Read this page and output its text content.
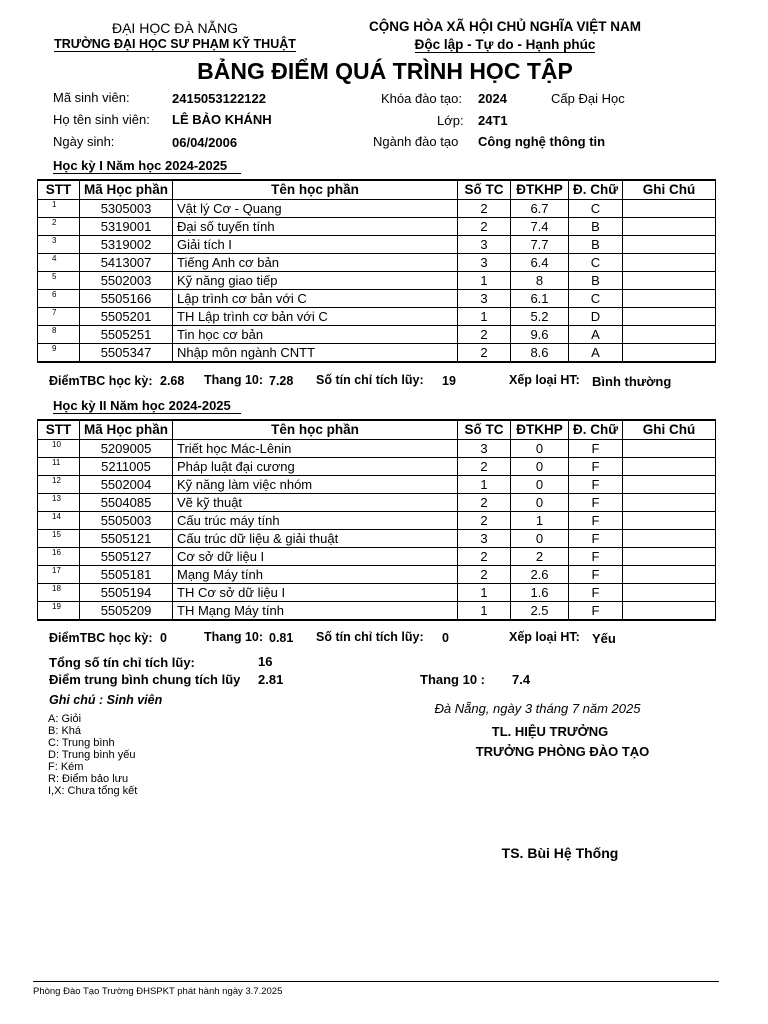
ĐẠI HỌC ĐÀ NẴNG
TRƯỜNG ĐẠI HỌC SƯ PHẠM KỸ THUẬT
CỘNG HÒA XÃ HỘI CHỦ NGHĨA VIỆT NAM
Độc lập - Tự do - Hạnh phúc
BẢNG ĐIỂM QUÁ TRÌNH HỌC TẬP
Mã sinh viên:	2415053122122
Họ tên sinh viên: LÊ BẢO KHÁNH
Ngày sinh:	06/04/2006
Khóa đào tạo: 2024	Cấp Đại Học
Lớp: 24T1
Ngành đào tạo Công nghệ thông tin
Học kỳ I Năm học 2024-2025
STT	Mã Học phần	Tên học phần	Số TC	ĐTKHP	Đ. Chữ	Ghi Chú
1	5305003	Vật lý Cơ - Quang	2	6.7	C	
2	5319001	Đại số tuyến tính	2	7.4	B	
3	5319002	Giải tích I	3	7.7	B	
4	5413007	Tiếng Anh cơ bản	3	6.4	C	
5	5502003	Kỹ năng giao tiếp	1	8	B	
6	5505166	Lập trình cơ bản với C	3	6.1	C	
7	5505201	TH Lập trình cơ bản với C	1	5.2	D	
8	5505251	Tin học cơ bản	2	9.6	A	
9	5505347	Nhập môn ngành CNTT	2	8.6	A	
ĐiểmTBC học kỳ: 2.68 Thang 10: 7.28 Số tín chỉ tích lũy: 19	Xếp loại HT: Bình thường
Học kỳ II Năm học 2024-2025
STT	Mã Học phần	Tên học phần	Số TC	ĐTKHP	Đ. Chữ	Ghi Chú
10	5209005	Triết học Mác-Lênin	3	0	F	
11	5211005	Pháp luật đại cương	2	0	F	
12	5502004	Kỹ năng làm việc nhóm	1	0	F	
13	5504085	Vẽ kỹ thuật	2	0	F	
14	5505003	Cấu trúc máy tính	2	1	F	
15	5505121	Cấu trúc dữ liệu & giải thuật	3	0	F	
16	5505127	Cơ sở dữ liệu I	2	2	F	
17	5505181	Mạng Máy tính	2	2.6	F	
18	5505194	TH Cơ sở dữ liệu I	1	1.6	F	
19	5505209	TH Mạng Máy tính	1	2.5	F	
ĐiểmTBC học kỳ: 0	Thang 10: 0.81 Số tín chỉ tích lũy: 0	Xếp loại HT: Yếu
Tổng số tín chỉ tích lũy:	16
Điểm trung bình chung tích lũy 2.81	Thang 10 : 7.4
Ghi chú : Sinh viên
A: Giỏi
B: Khá
C: Trung bình
D: Trung bình yếu
F: Kém
R: Điểm bảo lưu
I,X: Chưa tổng kết
Đà Nẵng, ngày 3 tháng 7 năm 2025
TL. HIỆU TRƯỞNG
TRƯỞNG PHÒNG ĐÀO TẠO
TS. Bùi Hệ Thống
Phòng Đào Tạo Trường ĐHSPKT phát hành ngày 3.7.2025
